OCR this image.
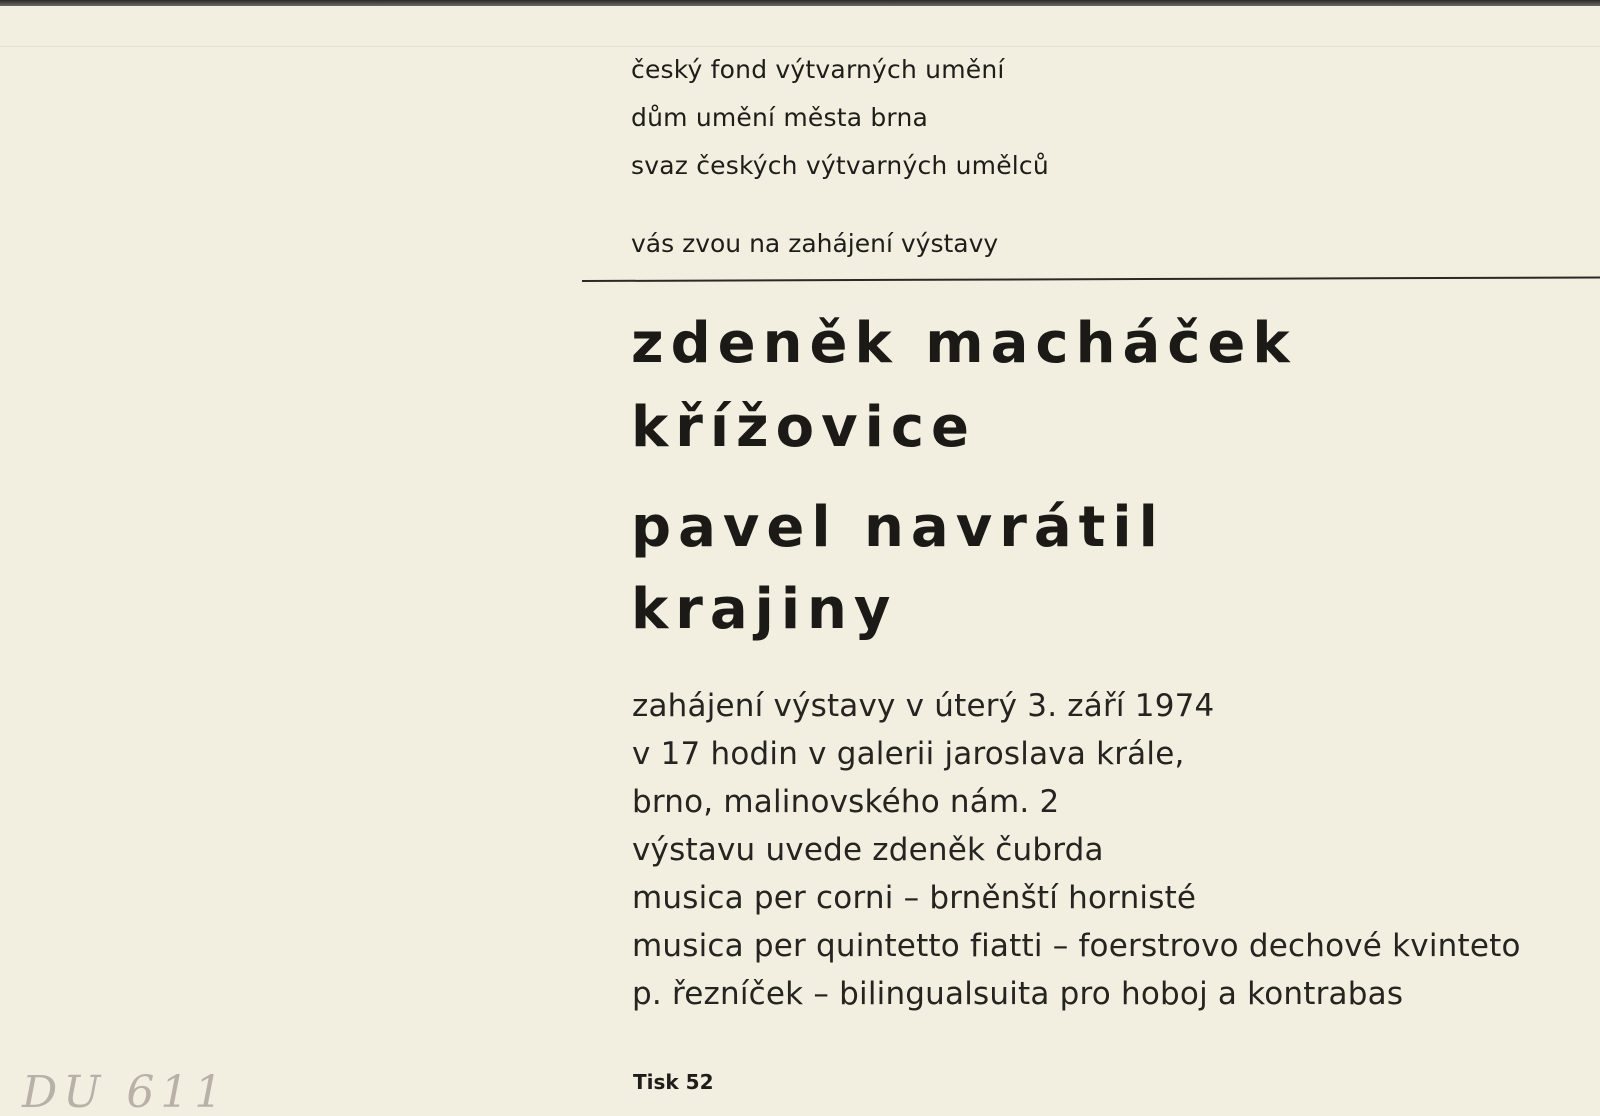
český fond výtvarných umění
dům umění města brna
svaz českých výtvarných umělců
vás zvou na zahájení výstavy
zdeněk macháček
křížovice
pavel navrátil
krajiny
zahájení výstavy v úterý 3. září 1974
v 17 hodin v galerii jaroslava krále,
brno, malinovského nám. 2
výstavu uvede zdeněk čubrda
musica per corni – brněnští hornisté
musica per quintetto fiatti – foerstrovo dechové kvinteto
p. řezníček – bilingualsuita pro hoboj a kontrabas
Tisk 52
DU 611
